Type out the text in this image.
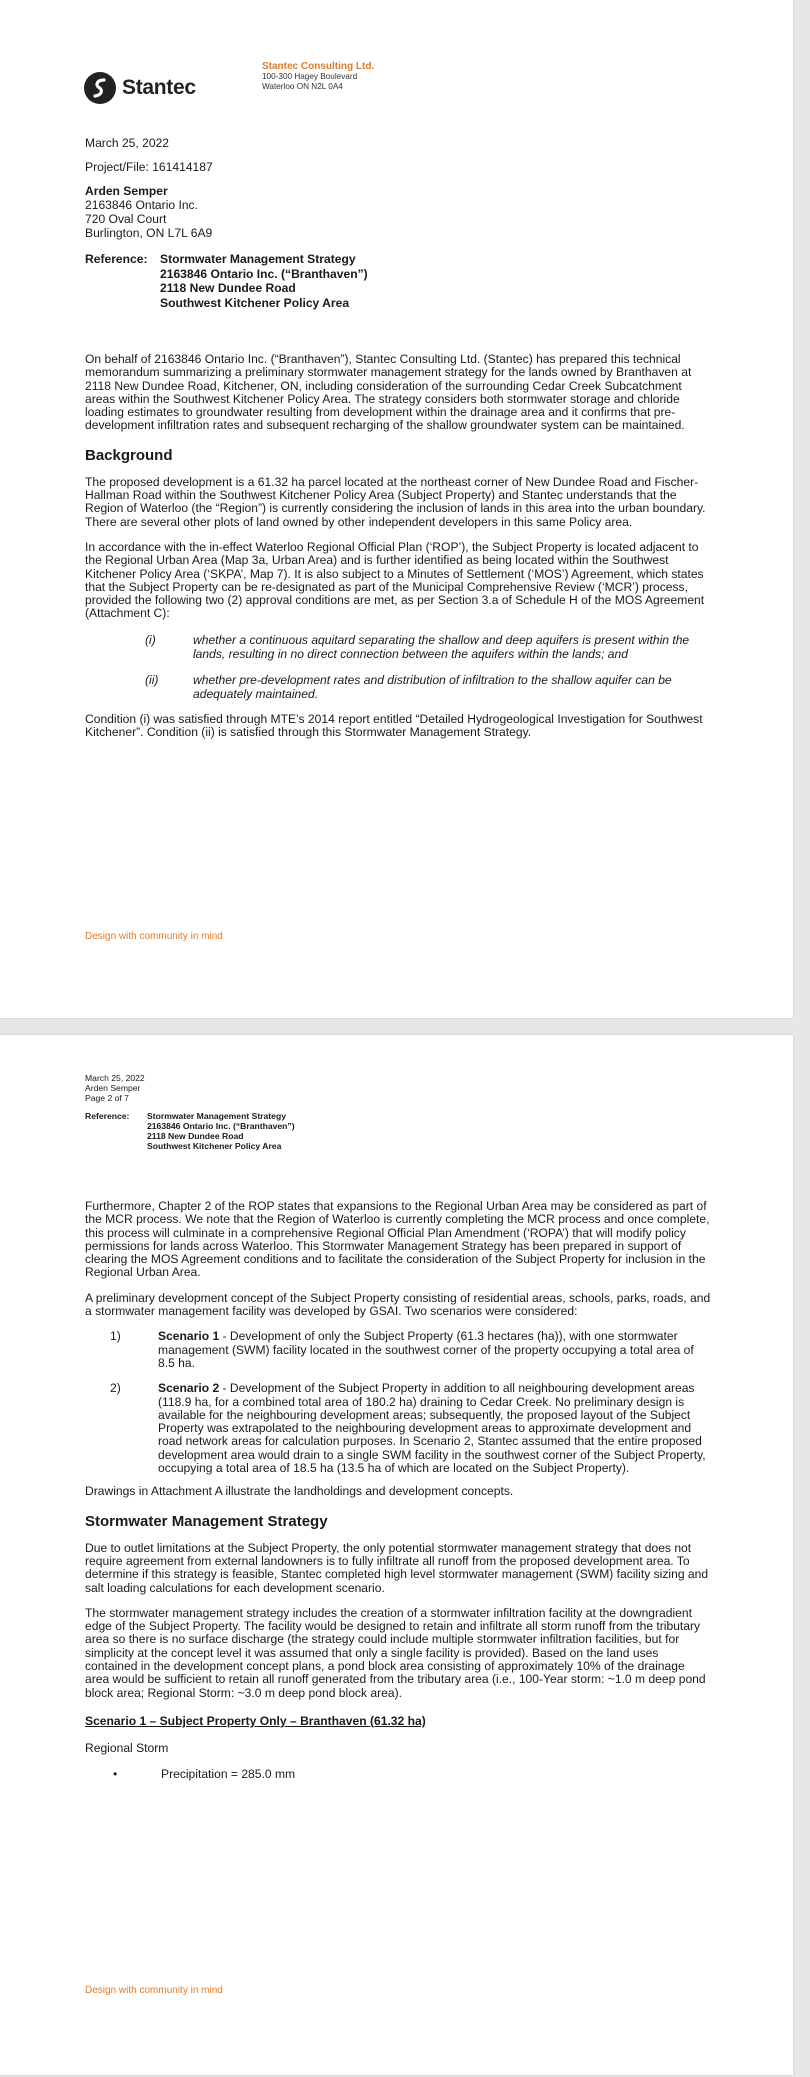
Stantec
Stantec Consulting Ltd.
100-300 Hagey Boulevard
Waterloo ON N2L 0A4

March 25, 2022

Project/File: 161414187

Arden Semper

2163846 Ontario Inc.

720 Oval Court

Burlington, ON L7L 6A9

Reference:	Stormwater Management Strategy
2163846 Ontario Inc. (“Branthaven”)
2118 New Dundee Road
Southwest Kitchener Policy Area

On behalf of 2163846 Ontario Inc. (“Branthaven”), Stantec Consulting Ltd. (Stantec) has prepared this technical memorandum summarizing a preliminary stormwater management strategy for the lands owned by Branthaven at 2118 New Dundee Road, Kitchener, ON, including consideration of the surrounding Cedar Creek Subcatchment areas within the Southwest Kitchener Policy Area. The strategy considers both stormwater storage and chloride loading estimates to groundwater resulting from development within the drainage area and it confirms that pre-development infiltration rates and subsequent recharging of the shallow groundwater system can be maintained.

Background

The proposed development is a 61.32 ha parcel located at the northeast corner of New Dundee Road and Fischer-Hallman Road within the Southwest Kitchener Policy Area (Subject Property) and Stantec understands that the Region of Waterloo (the “Region”) is currently considering the inclusion of lands in this area into the urban boundary. There are several other plots of land owned by other independent developers in this same Policy area.

In accordance with the in-effect Waterloo Regional Official Plan (‘ROP’), the Subject Property is located adjacent to the Regional Urban Area (Map 3a, Urban Area) and is further identified as being located within the Southwest Kitchener Policy Area (‘SKPA’, Map 7). It is also subject to a Minutes of Settlement (‘MOS’) Agreement, which states that the Subject Property can be re-designated as part of the Municipal Comprehensive Review (‘MCR’) process, provided the following two (2) approval conditions are met, as per Section 3.a of Schedule H of the MOS Agreement (Attachment C):

(i)	whether a continuous aquitard separating the shallow and deep aquifers is present within the lands, resulting in no direct connection between the aquifers within the lands; and
(ii)	whether pre-development rates and distribution of infiltration to the shallow aquifer can be adequately maintained.

Condition (i) was satisfied through MTE’s 2014 report entitled “Detailed Hydrogeological Investigation for Southwest Kitchener”. Condition (ii) is satisfied through this Stormwater Management Strategy.

Design with community in mind
March 25, 2022
Arden Semper
Page 2 of 7
Reference:	Stormwater Management Strategy
2163846 Ontario Inc. (“Branthaven”)
2118 New Dundee Road
Southwest Kitchener Policy Area

Furthermore, Chapter 2 of the ROP states that expansions to the Regional Urban Area may be considered as part of the MCR process. We note that the Region of Waterloo is currently completing the MCR process and once complete, this process will culminate in a comprehensive Regional Official Plan Amendment (‘ROPA’) that will modify policy permissions for lands across Waterloo. This Stormwater Management Strategy has been prepared in support of clearing the MOS Agreement conditions and to facilitate the consideration of the Subject Property for inclusion in the Regional Urban Area.

A preliminary development concept of the Subject Property consisting of residential areas, schools, parks, roads, and a stormwater management facility was developed by GSAI. Two scenarios were considered:

1)	Scenario 1 - Development of only the Subject Property (61.3 hectares (ha)), with one stormwater management (SWM) facility located in the southwest corner of the property occupying a total area of 8.5 ha.
2)	Scenario 2 - Development of the Subject Property in addition to all neighbouring development areas (118.9 ha, for a combined total area of 180.2 ha) draining to Cedar Creek. No preliminary design is available for the neighbouring development areas; subsequently, the proposed layout of the Subject Property was extrapolated to the neighbouring development areas to approximate development and road network areas for calculation purposes. In Scenario 2, Stantec assumed that the entire proposed development area would drain to a single SWM facility in the southwest corner of the Subject Property, occupying a total area of 18.5 ha (13.5 ha of which are located on the Subject Property).

Drawings in Attachment A illustrate the landholdings and development concepts.

Stormwater Management Strategy

Due to outlet limitations at the Subject Property, the only potential stormwater management strategy that does not require agreement from external landowners is to fully infiltrate all runoff from the proposed development area. To determine if this strategy is feasible, Stantec completed high level stormwater management (SWM) facility sizing and salt loading calculations for each development scenario.

The stormwater management strategy includes the creation of a stormwater infiltration facility at the downgradient edge of the Subject Property. The facility would be designed to retain and infiltrate all storm runoff from the tributary area so there is no surface discharge (the strategy could include multiple stormwater infiltration facilities, but for simplicity at the concept level it was assumed that only a single facility is provided). Based on the land uses contained in the development concept plans, a pond block area consisting of approximately 10% of the drainage area would be sufficient to retain all runoff generated from the tributary area (i.e., 100-Year storm: ~1.0 m deep pond block area; Regional Storm: ~3.0 m deep pond block area).

Scenario 1 – Subject Property Only – Branthaven (61.32 ha)

Regional Storm

•	Precipitation = 285.0 mm
Design with community in mind
